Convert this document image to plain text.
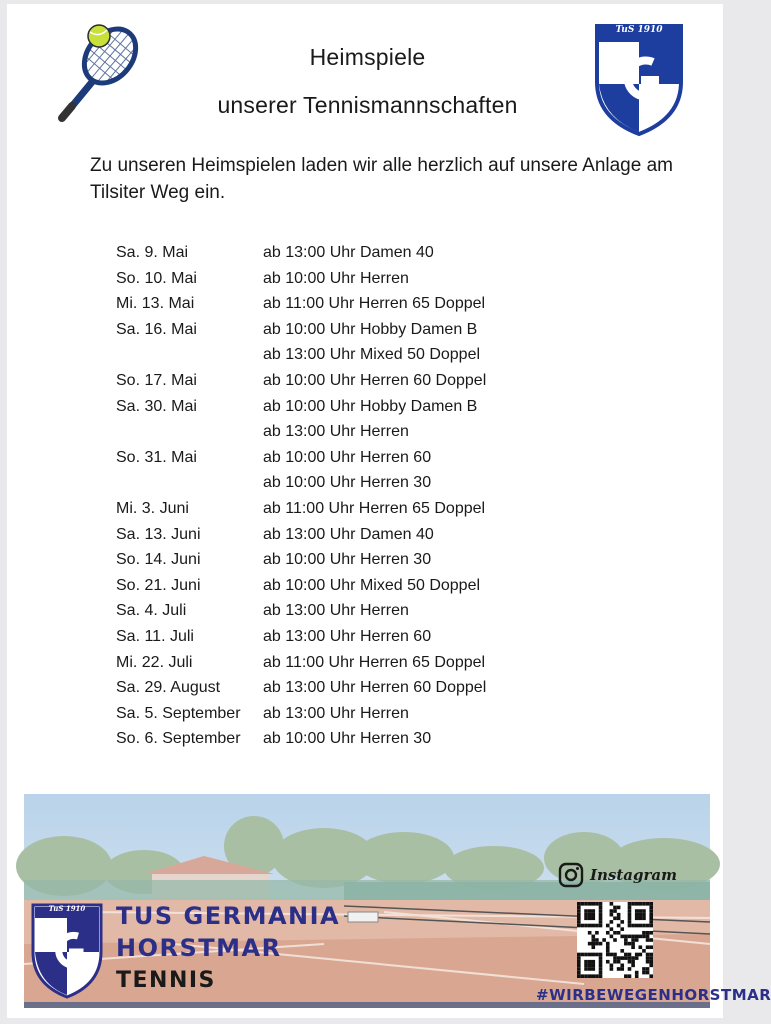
TuS 1910
Heimspiele
unserer Tennismannschaften
Zu unseren Heimspielen laden wir alle herzlich auf unsere Anlage am Tilsiter Weg ein.
Sa. 9. Mai	ab 13:00 Uhr Damen 40
So. 10. Mai	ab 10:00 Uhr Herren
Mi. 13. Mai	ab 11:00 Uhr Herren 65 Doppel
Sa. 16. Mai	ab 10:00 Uhr Hobby Damen B
ab 13:00 Uhr Mixed 50 Doppel
So. 17. Mai	ab 10:00 Uhr Herren 60 Doppel
Sa. 30. Mai	ab 10:00 Uhr Hobby Damen B
ab 13:00 Uhr Herren
So. 31. Mai	ab 10:00 Uhr Herren 60
ab 10:00 Uhr Herren 30
Mi. 3. Juni	ab 11:00 Uhr Herren 65 Doppel
Sa. 13. Juni	ab 13:00 Uhr Damen 40
So. 14. Juni	ab 10:00 Uhr Herren 30
So. 21. Juni	ab 10:00 Uhr Mixed 50 Doppel
Sa. 4. Juli	ab 13:00 Uhr Herren
Sa. 11. Juli	ab 13:00 Uhr Herren 60
Mi. 22. Juli	ab 11:00 Uhr Herren 65 Doppel
Sa. 29. August	ab 13:00 Uhr Herren 60 Doppel
Sa. 5. September ab 13:00 Uhr Herren
So. 6. September ab 10:00 Uhr Herren 30
TuS 1910	TUS GERMANIA
HORSTMAR
TENNIS
Instagram
#WIRBEWEGENHORSTMAR
